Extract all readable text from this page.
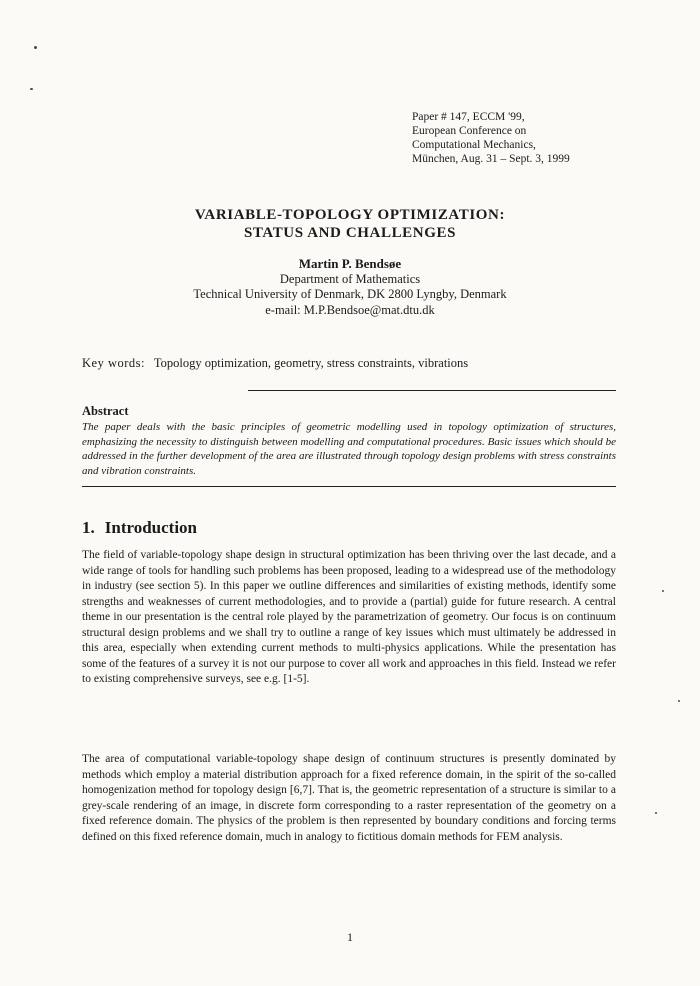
Paper # 147, ECCM '99,
European Conference on
Computational Mechanics,
München, Aug. 31 – Sept. 3, 1999
VARIABLE-TOPOLOGY OPTIMIZATION:
STATUS AND CHALLENGES
Martin P. Bendsøe
Department of Mathematics
Technical University of Denmark, DK 2800 Lyngby, Denmark
e-mail: M.P.Bendsoe@mat.dtu.dk
Key words: Topology optimization, geometry, stress constraints, vibrations
Abstract
The paper deals with the basic principles of geometric modelling used in topology optimization of structures, emphasizing the necessity to distinguish between modelling and computational procedures. Basic issues which should be addressed in the further development of the area are illustrated through topology design problems with stress constraints and vibration constraints.
1. Introduction
The field of variable-topology shape design in structural optimization has been thriving over the last decade, and a wide range of tools for handling such problems has been proposed, leading to a widespread use of the methodology in industry (see section 5). In this paper we outline differences and similarities of existing methods, identify some strengths and weaknesses of current methodologies, and to provide a (partial) guide for future research. A central theme in our presentation is the central role played by the parametrization of geometry. Our focus is on continuum structural design problems and we shall try to outline a range of key issues which must ultimately be addressed in this area, especially when extending current methods to multi-physics applications. While the presentation has some of the features of a survey it is not our purpose to cover all work and approaches in this field. Instead we refer to existing comprehensive surveys, see e.g. [1-5].
The area of computational variable-topology shape design of continuum structures is presently dominated by methods which employ a material distribution approach for a fixed reference domain, in the spirit of the so-called homogenization method for topology design [6,7]. That is, the geometric representation of a structure is similar to a grey-scale rendering of an image, in discrete form corresponding to a raster representation of the geometry on a fixed reference domain. The physics of the problem is then represented by boundary conditions and forcing terms defined on this fixed reference domain, much in analogy to fictitious domain methods for FEM analysis.
1
